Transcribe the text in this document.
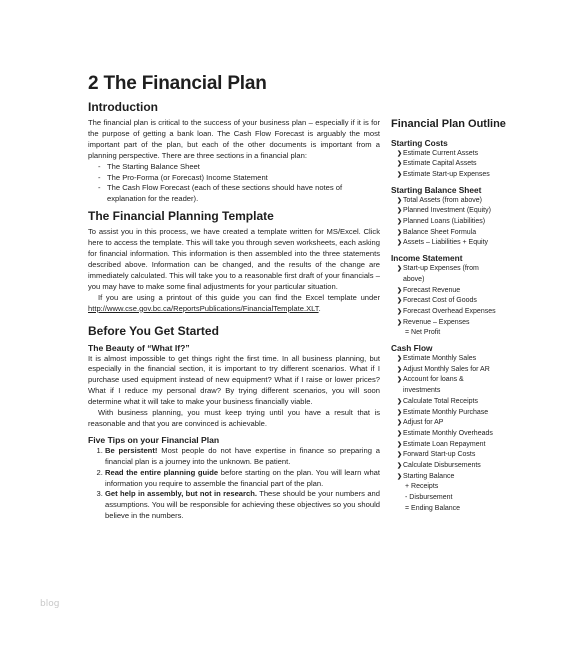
2 The Financial Plan
Introduction

The financial plan is critical to the success of your business plan – especially if it is for the purpose of getting a bank loan. The Cash Flow Forecast is arguably the most important part of the plan, but each of the other documents is important from a planning perspective. There are three sections in a financial plan:

- The Starting Balance Sheet
- The Pro-Forma (or Forecast) Income Statement
- The Cash Flow Forecast (each of these sections should have notes of explanation for the reader).
The Financial Planning Template

To assist you in this process, we have created a template written for MS/Excel. Click here to access the template. This will take you through seven worksheets, each asking for financial information. This information is then assembled into the three statements described above. Information can be changed, and the results of the change are immediately calculated. This will take you to a reasonable first draft of your financials – you may have to make some final adjustments for your particular situation.

If you are using a printout of this guide you can find the Excel template under http://www.cse.gov.bc.ca/ReportsPublications/FinancialTemplate.XLT.

Before You Get Started
The Beauty of “What If?”

It is almost impossible to get things right the first time. In all business planning, but especially in the financial section, it is important to try different scenarios. What if I purchase used equipment instead of new equipment? What if I raise or lower prices? What if I reduce my personal draw? By trying different scenarios, you will soon determine what it will take to make your business financially viable.

With business planning, you must keep trying until you have a result that is reasonable and that you are convinced is achievable.

Five Tips on your Financial Plan
1. Be persistent! Most people do not have expertise in finance so preparing a financial plan is a journey into the unknown. Be patient.
2. Read the entire planning guide before starting on the plan. You will learn what information you require to assemble the financial part of the plan.
3. Get help in assembly, but not in research. These should be your numbers and assumptions. You will be responsible for achieving these objectives so you should believe in the numbers.
Financial Plan Outline
Starting Costs
❯ Estimate Current Assets
❯ Estimate Capital Assets
❯ Estimate Start-up Expenses
Starting Balance Sheet
❯ Total Assets (from above)
❯ Planned Investment (Equity)
❯ Planned Loans (Liabilities)
❯ Balance Sheet Formula
❯ Assets – Liabilities + Equity
Income Statement
❯ Start-up Expenses (from
above)
❯ Forecast Revenue
❯ Forecast Cost of Goods
❯ Forecast Overhead Expenses
❯ Revenue – Expenses
= Net Profit
Cash Flow
❯ Estimate Monthly Sales
❯ Adjust Monthly Sales for AR
❯ Account for loans &
investments
❯ Calculate Total Receipts
❯ Estimate Monthly Purchase
❯ Adjust for AP
❯ Estimate Monthly Overheads
❯ Estimate Loan Repayment
❯ Forward Start-up Costs
❯ Calculate Disbursements
❯ Starting Balance
+ Receipts
- Disbursement
= Ending Balance
blog
